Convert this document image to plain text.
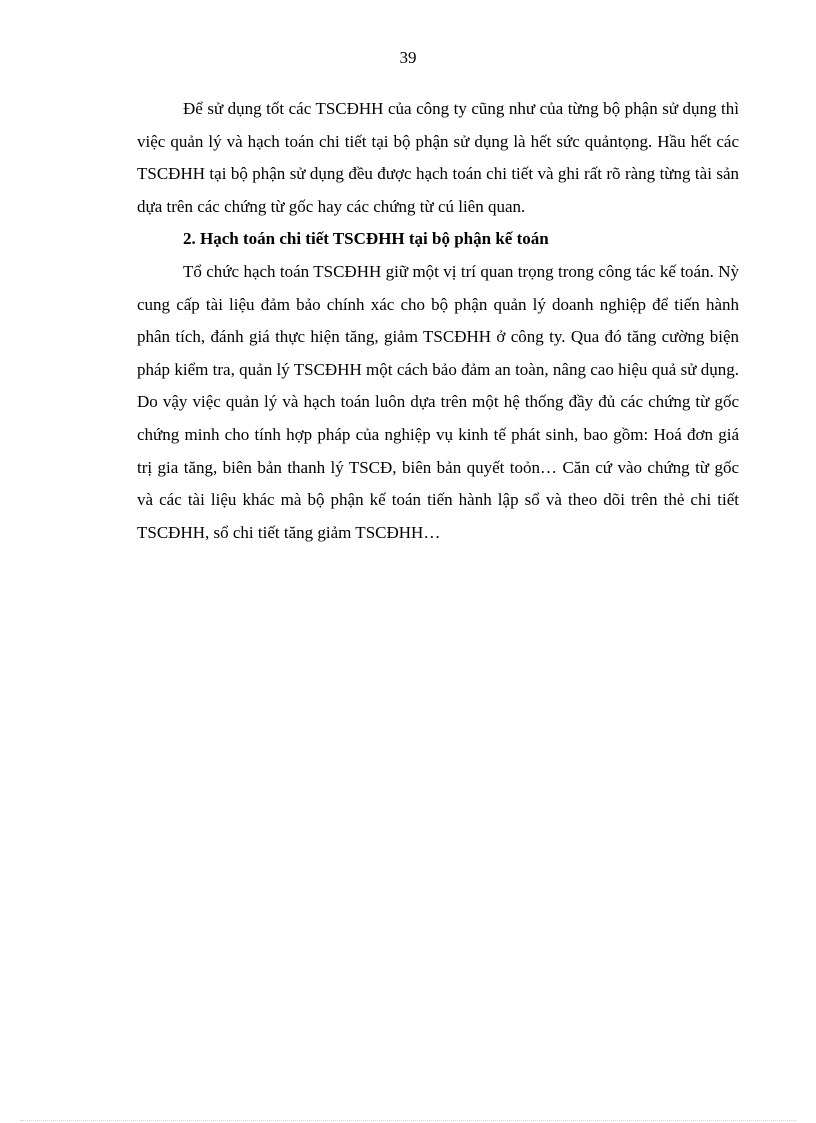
39

Để sử dụng tốt các TSCĐHH của công ty cũng như của từng bộ phận sử dụng thì việc quản lý và hạch toán chi tiết tại bộ phận sử dụng là hết sức quảntọng. Hầu hết các TSCĐHH tại bộ phận sử dụng đều được hạch toán chi tiết và ghi rất rõ ràng từng tài sản dựa trên các chứng từ gốc hay các chứng từ cú liên quan.

2. Hạch toán chi tiết TSCĐHH tại bộ phận kế toán

Tổ chức hạch toán TSCĐHH giữ một vị trí quan trọng trong công tác kế toán. Nỳ cung cấp tài liệu đảm bảo chính xác cho bộ phận quản lý doanh nghiệp để tiến hành phân tích, đánh giá thực hiện tăng, giảm TSCĐHH ở công ty. Qua đó tăng cường biện pháp kiểm tra, quản lý TSCĐHH một cách bảo đảm an toàn, nâng cao hiệu quả sử dụng. Do vậy việc quản lý và hạch toán luôn dựa trên một hệ thống đầy đủ các chứng từ gốc chứng minh cho tính hợp pháp của nghiệp vụ kinh tế phát sinh, bao gồm: Hoá đơn giá trị gia tăng, biên bản thanh lý TSCĐ, biên bản quyết toỏn… Căn cứ vào chứng từ gốc và các tài liệu khác mà bộ phận kế toán tiến hành lập sổ và theo dõi trên thẻ chi tiết TSCĐHH, sổ chi tiết tăng giảm TSCĐHH…
